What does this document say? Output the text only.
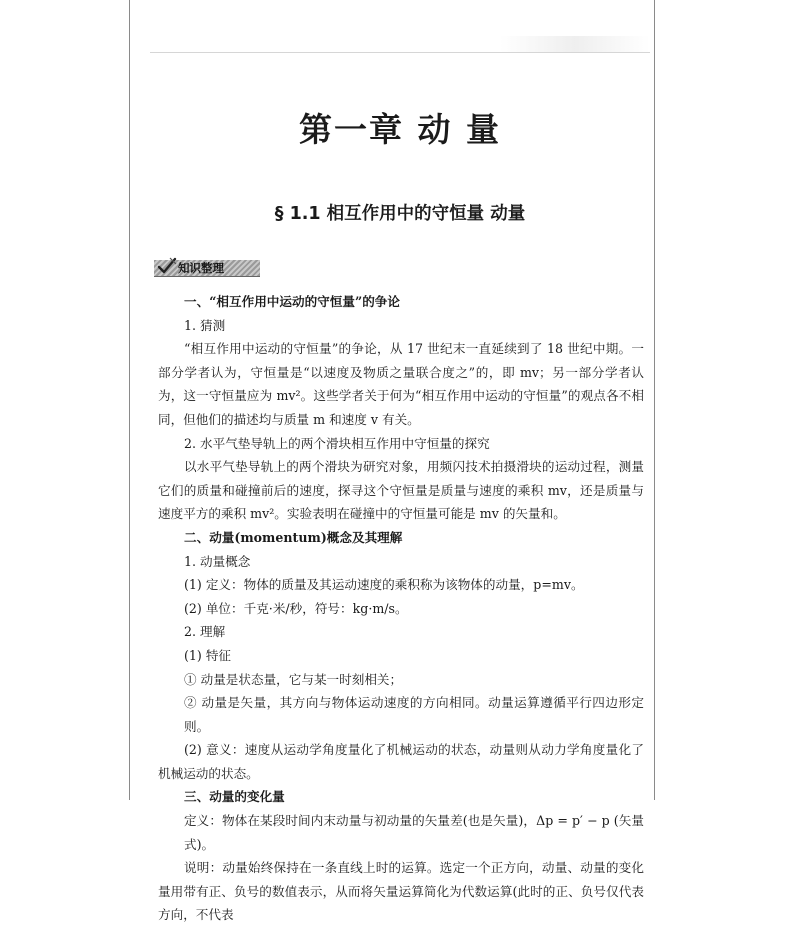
第一章 动 量
§ 1.1 相互作用中的守恒量 动量
知识整理

一、“相互作用中运动的守恒量”的争论

1. 猜测

“相互作用中运动的守恒量”的争论，从 17 世纪末一直延续到了 18 世纪中期。一部分学者认为，守恒量是“以速度及物质之量联合度之”的，即 mv；另一部分学者认为，这一守恒量应为 mv²。这些学者关于何为“相互作用中运动的守恒量”的观点各不相同，但他们的描述均与质量 m 和速度 v 有关。

2. 水平气垫导轨上的两个滑块相互作用中守恒量的探究

以水平气垫导轨上的两个滑块为研究对象，用频闪技术拍摄滑块的运动过程，测量它们的质量和碰撞前后的速度，探寻这个守恒量是质量与速度的乘积 mv，还是质量与速度平方的乘积 mv²。实验表明在碰撞中的守恒量可能是 mv 的矢量和。

二、动量(momentum)概念及其理解

1. 动量概念

(1) 定义：物体的质量及其运动速度的乘积称为该物体的动量，p=mv。

(2) 单位：千克·米/秒，符号：kg·m/s。

2. 理解

(1) 特征

① 动量是状态量，它与某一时刻相关；

② 动量是矢量，其方向与物体运动速度的方向相同。动量运算遵循平行四边形定则。

(2) 意义：速度从运动学角度量化了机械运动的状态，动量则从动力学角度量化了机械运动的状态。

三、动量的变化量

定义：物体在某段时间内末动量与初动量的矢量差(也是矢量)，Δp = p′ − p (矢量式)。

说明：动量始终保持在一条直线上时的运算。选定一个正方向，动量、动量的变化量用带有正、负号的数值表示，从而将矢量运算简化为代数运算(此时的正、负号仅代表方向，不代表
